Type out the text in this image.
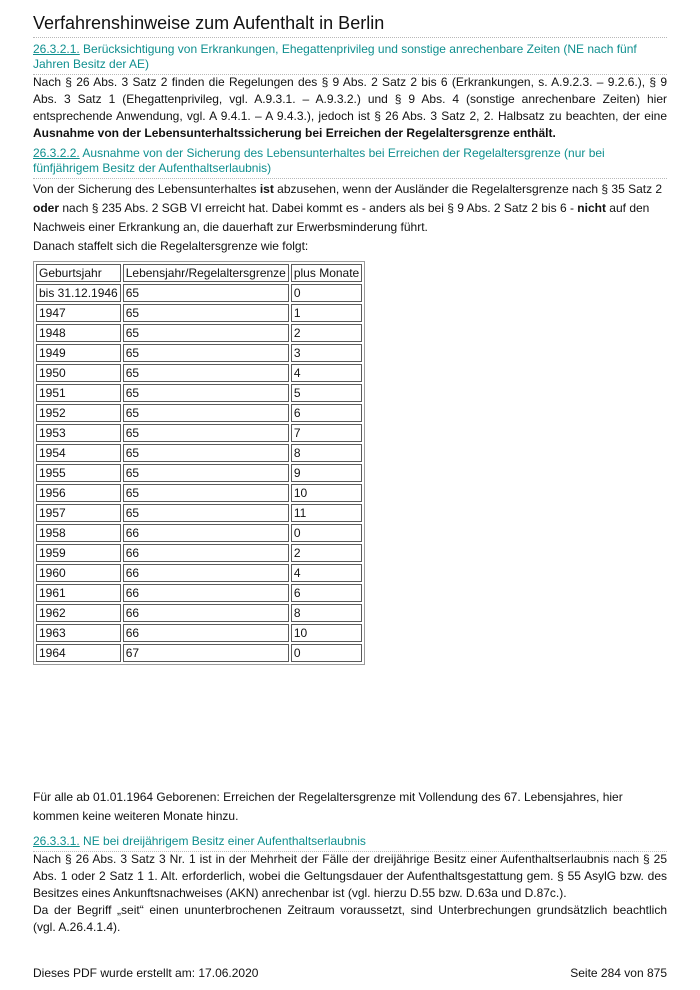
Verfahrenshinweise zum Aufenthalt in Berlin
26.3.2.1. Berücksichtigung von Erkrankungen, Ehegattenprivileg und sonstige anrechenbare Zeiten (NE nach fünf Jahren Besitz der AE)
Nach § 26 Abs. 3 Satz 2 finden die Regelungen des § 9 Abs. 2 Satz 2 bis 6 (Erkrankungen, s. A.9.2.3. – 9.2.6.), § 9 Abs. 3 Satz 1 (Ehegattenprivileg, vgl. A.9.3.1. – A.9.3.2.) und § 9 Abs. 4 (sonstige anrechenbare Zeiten) hier entsprechende Anwendung, vgl. A 9.4.1. – A 9.4.3.), jedoch ist § 26 Abs. 3 Satz 2, 2. Halbsatz zu beachten, der eine Ausnahme von der Lebensunterhaltssicherung bei Erreichen der Regelaltersgrenze enthält.
26.3.2.2. Ausnahme von der Sicherung des Lebensunterhaltes bei Erreichen der Regelaltersgrenze (nur bei fünfjährigem Besitz der Aufenthaltserlaubnis)
Von der Sicherung des Lebensunterhaltes ist abzusehen, wenn der Ausländer die Regelaltersgrenze nach § 35 Satz 2 oder nach § 235 Abs. 2 SGB VI erreicht hat. Dabei kommt es - anders als bei § 9 Abs. 2 Satz 2 bis 6 - nicht auf den Nachweis einer Erkrankung an, die dauerhaft zur Erwerbsminderung führt.
Danach staffelt sich die Regelaltersgrenze wie folgt:
Geburtsjahr	Lebensjahr/Regelaltersgrenze	plus Monate
bis 31.12.1946	65	0
1947	65	1
1948	65	2
1949	65	3
1950	65	4
1951	65	5
1952	65	6
1953	65	7
1954	65	8
1955	65	9
1956	65	10
1957	65	11
1958	66	0
1959	66	2
1960	66	4
1961	66	6
1962	66	8
1963	66	10
1964	67	0
Für alle ab 01.01.1964 Geborenen: Erreichen der Regelaltersgrenze mit Vollendung des 67. Lebensjahres, hier kommen keine weiteren Monate hinzu.
26.3.3.1. NE bei dreijährigem Besitz einer Aufenthaltserlaubnis
Nach § 26 Abs. 3 Satz 3 Nr. 1 ist in der Mehrheit der Fälle der dreijährige Besitz einer Aufenthaltserlaubnis nach § 25 Abs. 1 oder 2 Satz 1 1. Alt. erforderlich, wobei die Geltungsdauer der Aufenthaltsgestattung gem. § 55 AsylG bzw. des Besitzes eines Ankunftsnachweises (AKN) anrechenbar ist (vgl. hierzu D.55 bzw. D.63a und D.87c.).
Da der Begriff „seit“ einen ununterbrochenen Zeitraum voraussetzt, sind Unterbrechungen grundsätzlich beachtlich (vgl. A.26.4.1.4).
Dieses PDF wurde erstellt am: 17.06.2020	Seite 284 von 875
